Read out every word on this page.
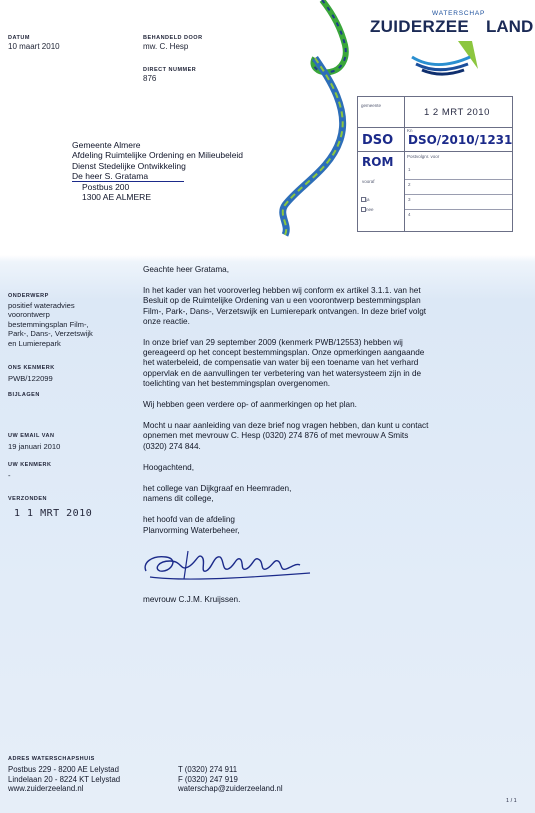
DATUM
10 maart 2010
BEHANDELD DOOR
mw. C. Hesp
DIRECT NUMMER
876
WATERSCHAP
ZUIDERZEE LAND
gemeente
1 2 MRT 2010
Kn
DSO DSO/2010/1231
Postvolgnr. voor
ROM
vooraf
ja
nee
1
2
3
4
Gemeente Almere
Afdeling Ruimtelijke Ordening en Milieubeleid
Dienst Stedelijke Ontwikkeling
De heer S. Gratama
Postbus 200
1300 AE ALMERE
ONDERWERP
positief wateradvies
voorontwerp
bestemmingsplan Film-,
Park-, Dans-, Verzetswijk
en Lumierepark
ONS KENMERK
PWB/122099
BIJLAGEN
UW EMAIL VAN
19 januari 2010
UW KENMERK
-
VERZONDEN
1 1 MRT 2010
Geachte heer Gratama,
In het kader van het vooroverleg hebben wij conform ex artikel 3.1.1. van het
Besluit op de Ruimtelijke Ordening van u een voorontwerp bestemmingsplan
Film-, Park-, Dans-, Verzetswijk en Lumierepark ontvangen. In deze brief volgt
onze reactie.
In onze brief van 29 september 2009 (kenmerk PWB/12553) hebben wij
gereageerd op het concept bestemmingsplan. Onze opmerkingen aangaande
het waterbeleid, de compensatie van water bij een toename van het verhard
oppervlak en de aanvullingen ter verbetering van het watersysteem zijn in de
toelichting van het bestemmingsplan overgenomen.
Wij hebben geen verdere op- of aanmerkingen op het plan.
Mocht u naar aanleiding van deze brief nog vragen hebben, dan kunt u contact
opnemen met mevrouw C. Hesp (0320) 274 876 of met mevrouw A Smits
(0320) 274 844.
Hoogachtend,
het college van Dijkgraaf en Heemraden,
namens dit college,
het hoofd van de afdeling
Planvorming Waterbeheer,
mevrouw C.J.M. Kruijssen.
ADRES WATERSCHAPSHUIS
Postbus 229 - 8200 AE Lelystad
Lindelaan 20 - 8224 KT Lelystad
www.zuiderzeeland.nl
T (0320) 274 911
F (0320) 247 919
waterschap@zuiderzeeland.nl
1 / 1
